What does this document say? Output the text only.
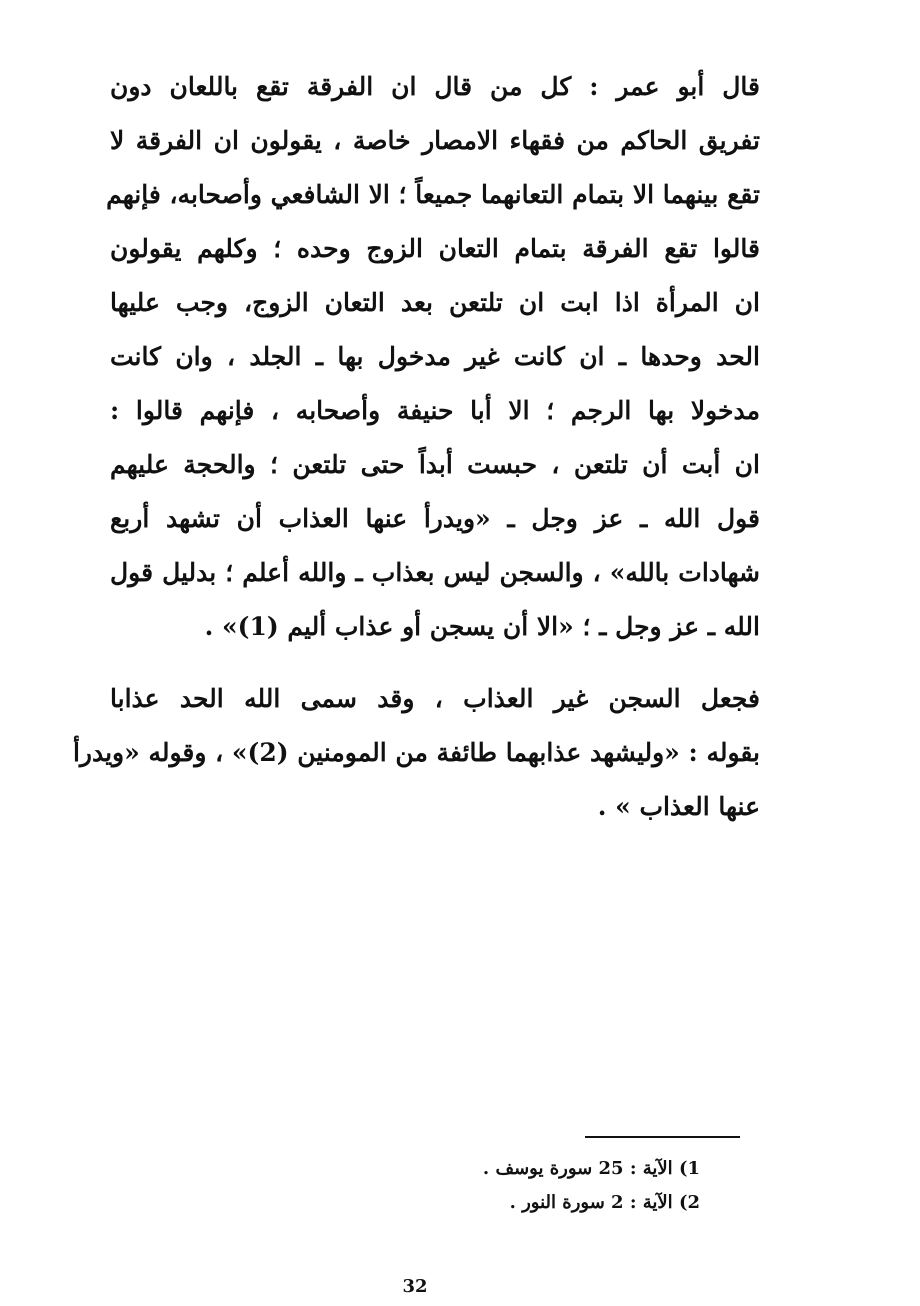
قال أبو عمر : كل من قال ان الفرقة تقع باللعان دون
تفريق الحاكم من فقهاء الامصار خاصة ، يقولون ان الفرقة لا
تقع بينهما الا بتمام التعانهما جميعاً ؛ الا الشافعي وأصحابه، فإنهم
قالوا تقع الفرقة بتمام التعان الزوج وحده ؛ وكلهم يقولون
ان المرأة اذا ابت ان تلتعن بعد التعان الزوج، وجب عليها
الحد وحدها ـ ان كانت غير مدخول بها ـ الجلد ، وان كانت
مدخولا بها الرجم ؛ الا أبا حنيفة وأصحابه ، فإنهم قالوا :
ان أبت أن تلتعن ، حبست أبداً حتى تلتعن ؛ والحجة عليهم
قول الله ـ عز وجل ـ «ويدرأ عنها العذاب أن تشهد أربع
شهادات بالله» ، والسجن ليس بعذاب ـ والله أعلم ؛ بدليل قول
الله ـ عز وجل ـ ؛ «الا أن يسجن أو عذاب أليم (1)» .
فجعل السجن غير العذاب ، وقد سمى الله الحد عذابا
بقوله : «وليشهد عذابهما طائفة من المومنين (2)» ، وقوله «ويدرأ
عنها العذاب » .
1) الآية : 25 سورة يوسف .
2) الآية : 2 سورة النور .
32
